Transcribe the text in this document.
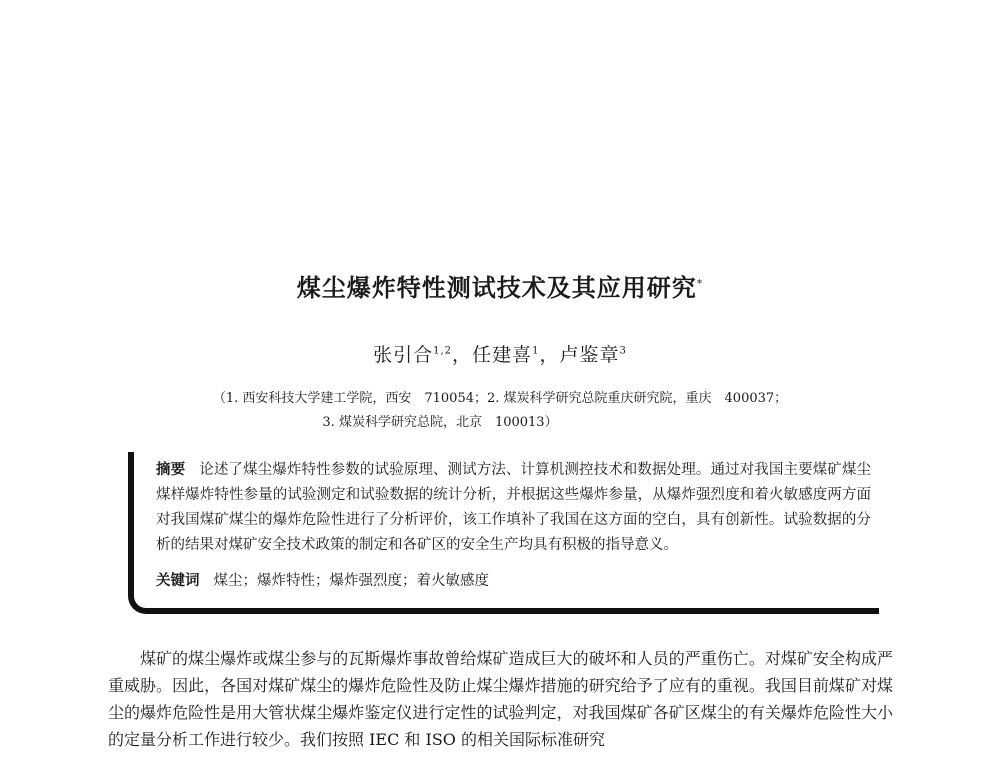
煤尘爆炸特性测试技术及其应用研究*
张引合$^{1,2}$，任建喜$^1$，卢鉴章$^3$
（1. 西安科技大学建工学院，西安　710054；2. 煤炭科学研究总院重庆研究院，重庆　400037；
3. 煤炭科学研究总院，北京　100013）
摘要 论述了煤尘爆炸特性参数的试验原理、测试方法、计算机测控技术和数据处理。通过对我国主要煤矿煤尘煤样爆炸特性参量的试验测定和试验数据的统计分析，并根据这些爆炸参量，从爆炸强烈度和着火敏感度两方面对我国煤矿煤尘的爆炸危险性进行了分析评价，该工作填补了我国在这方面的空白，具有创新性。试验数据的分析的结果对煤矿安全技术政策的制定和各矿区的安全生产均具有积极的指导意义。
关键词 煤尘；爆炸特性；爆炸强烈度；着火敏感度
煤矿的煤尘爆炸或煤尘参与的瓦斯爆炸事故曾给煤矿造成巨大的破坏和人员的严重伤亡。对煤矿安全构成严重威胁。因此，各国对煤矿煤尘的爆炸危险性及防止煤尘爆炸措施的研究给予了应有的重视。我国目前煤矿对煤尘的爆炸危险性是用大管状煤尘爆炸鉴定仪进行定性的试验判定，对我国煤矿各矿区煤尘的有关爆炸危险性大小的定量分析工作进行较少。我们按照 IEC 和 ISO 的相关国际标准研究
